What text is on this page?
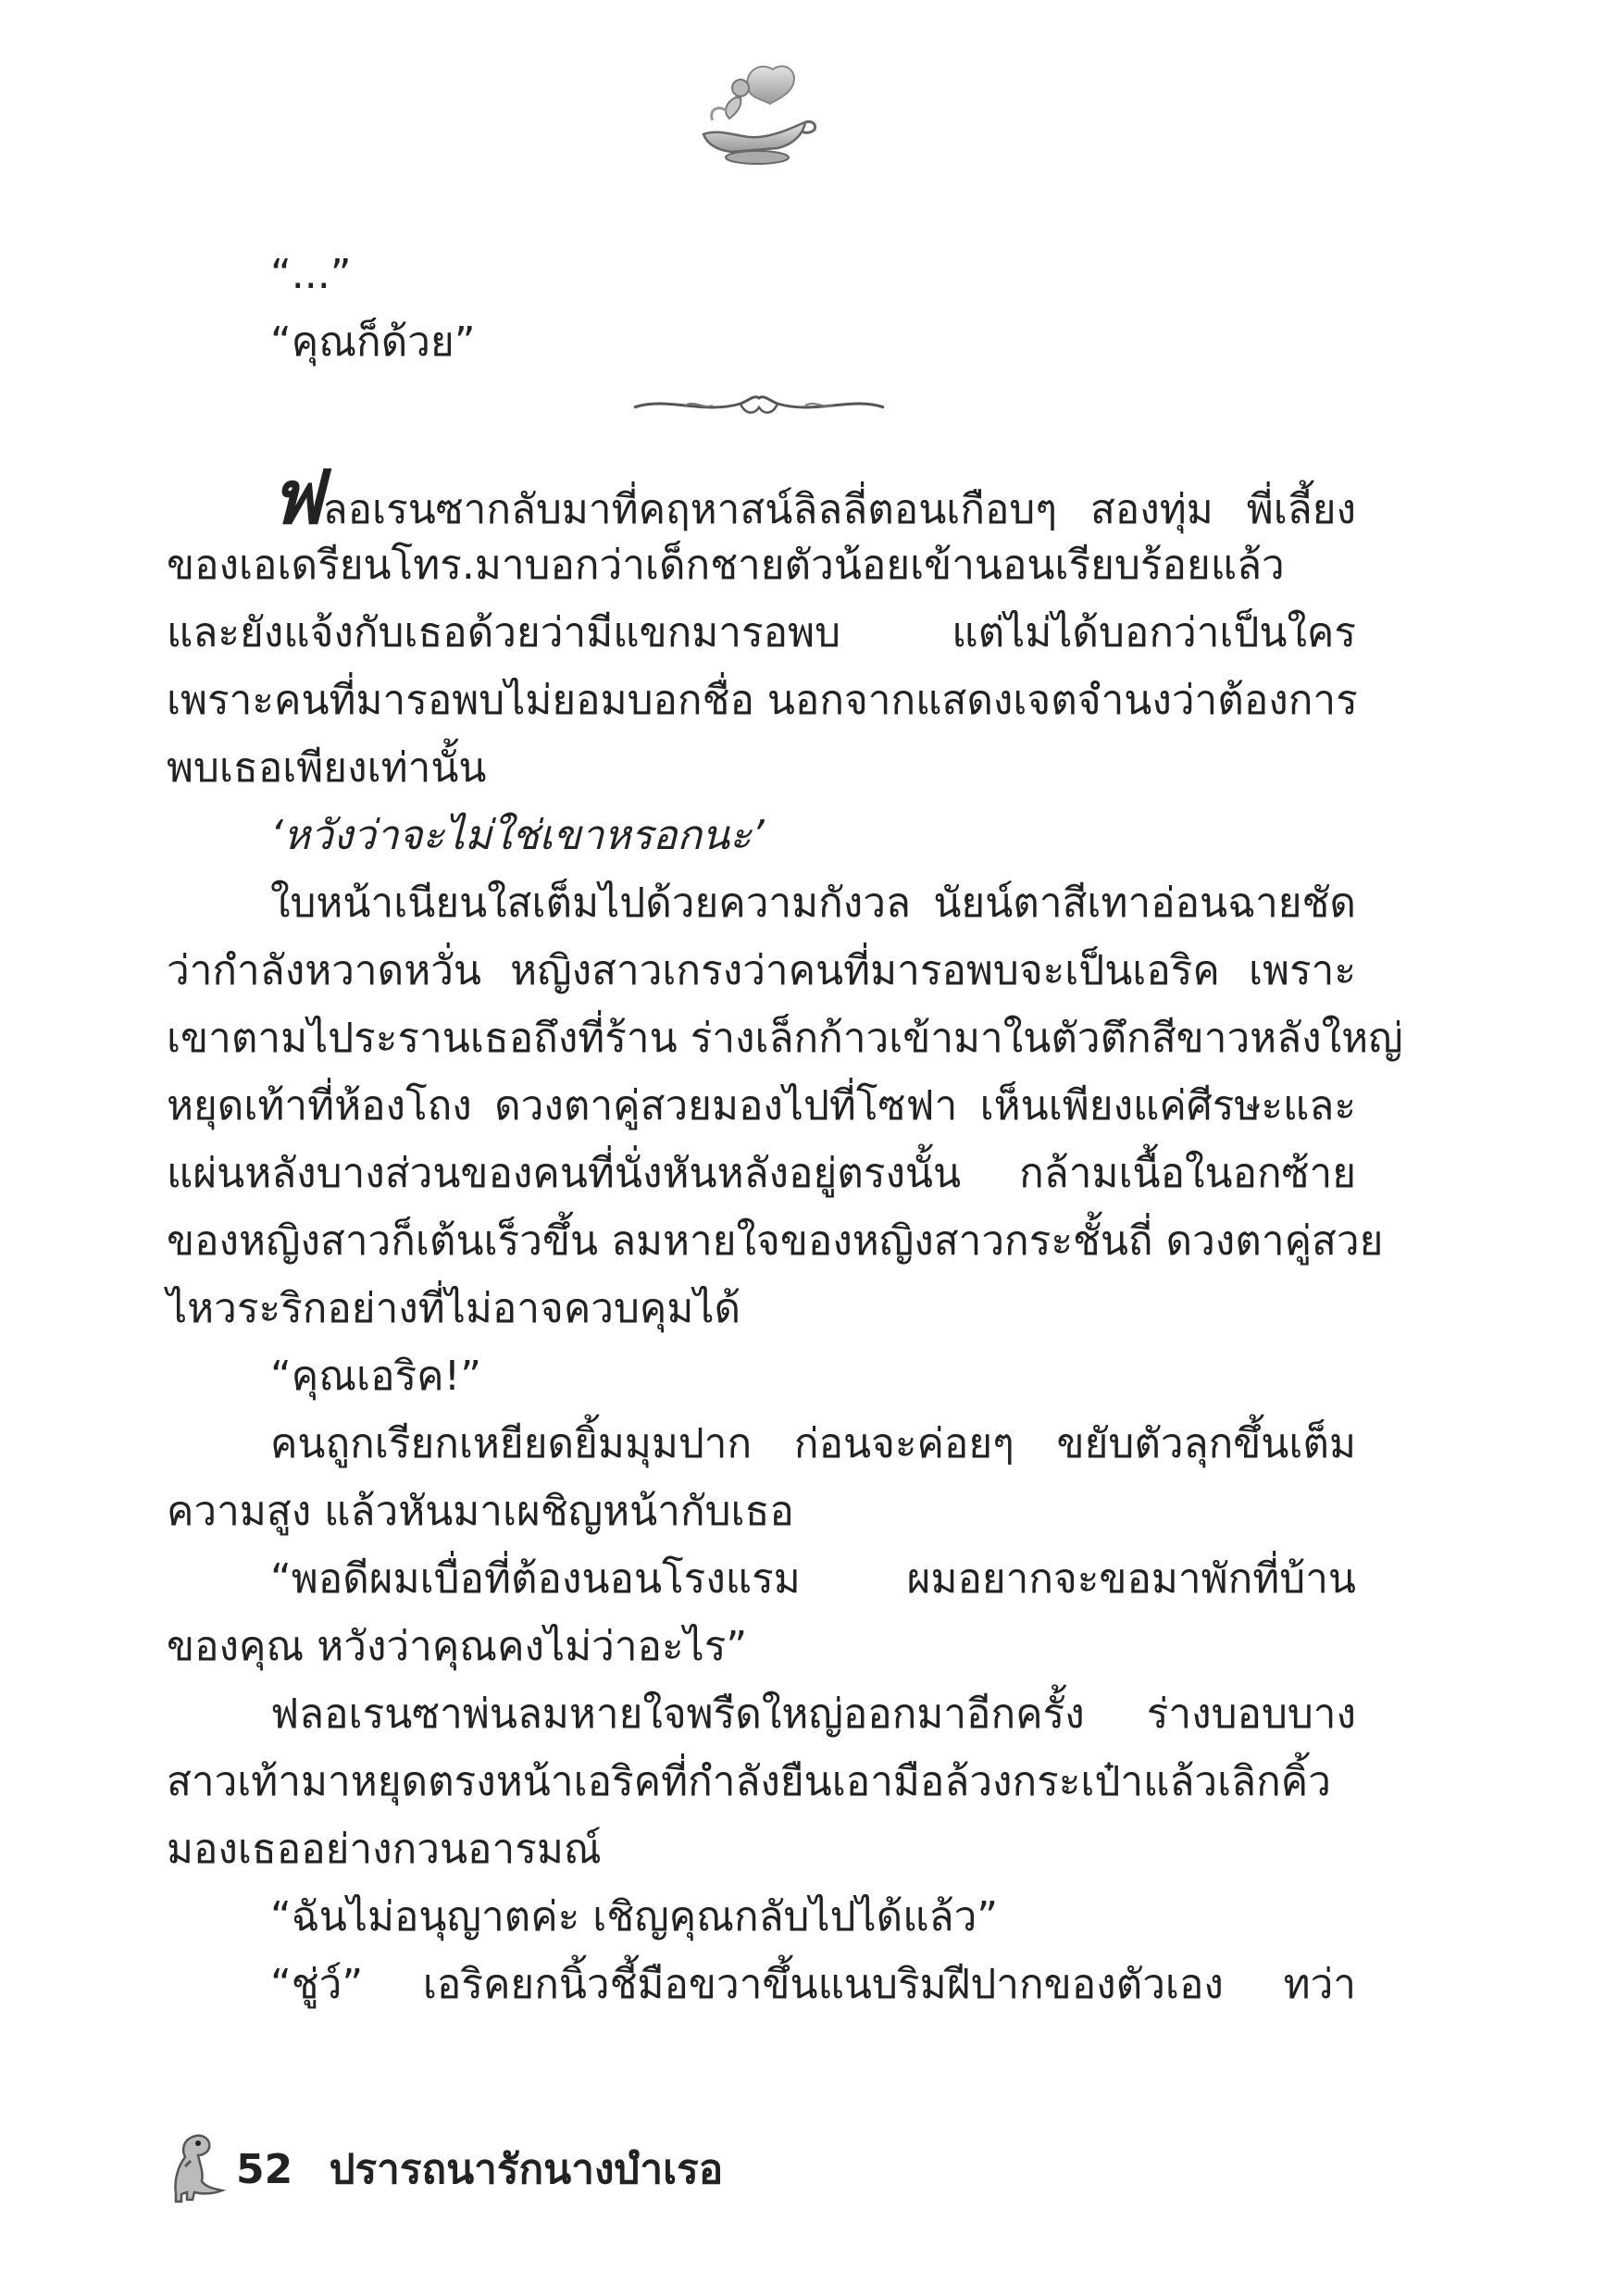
“...”
“คุณก็ด้วย”
ฟลอเรนซากลับมาที่คฤหาสน์ลิลลี่ตอนเกือบๆ สองทุ่ม พี่เลี้ยง
ของเอเดรียนโทร.มาบอกว่าเด็กชายตัวน้อยเข้านอนเรียบร้อยแล้ว
และยังแจ้งกับเธอด้วยว่ามีแขกมารอพบ แต่ไม่ได้บอกว่าเป็นใคร
เพราะคนที่มารอพบไม่ยอมบอกชื่อ นอกจากแสดงเจตจำนงว่าต้องการ
พบเธอเพียงเท่านั้น
‘หวังว่าจะไม่ใช่เขาหรอกนะ’
ใบหน้าเนียนใสเต็มไปด้วยความกังวล นัยน์ตาสีเทาอ่อนฉายชัด
ว่ากำลังหวาดหวั่น หญิงสาวเกรงว่าคนที่มารอพบจะเป็นเอริค เพราะ
เขาตามไประรานเธอถึงที่ร้าน ร่างเล็กก้าวเข้ามาในตัวตึกสีขาวหลังใหญ่
หยุดเท้าที่ห้องโถง ดวงตาคู่สวยมองไปที่โซฟา เห็นเพียงแค่ศีรษะและ
แผ่นหลังบางส่วนของคนที่นั่งหันหลังอยู่ตรงนั้น กล้ามเนื้อในอกซ้าย
ของหญิงสาวก็เต้นเร็วขึ้น ลมหายใจของหญิงสาวกระชั้นถี่ ดวงตาคู่สวย
ไหวระริกอย่างที่ไม่อาจควบคุมได้
“คุณเอริค!”
คนถูกเรียกเหยียดยิ้มมุมปาก ก่อนจะค่อยๆ ขยับตัวลุกขึ้นเต็ม
ความสูง แล้วหันมาเผชิญหน้ากับเธอ
“พอดีผมเบื่อที่ต้องนอนโรงแรม ผมอยากจะขอมาพักที่บ้าน
ของคุณ หวังว่าคุณคงไม่ว่าอะไร”
ฟลอเรนซาพ่นลมหายใจพรืดใหญ่ออกมาอีกครั้ง ร่างบอบบาง
สาวเท้ามาหยุดตรงหน้าเอริคที่กำลังยืนเอามือล้วงกระเป๋าแล้วเลิกคิ้ว
มองเธออย่างกวนอารมณ์
“ฉันไม่อนุญาตค่ะ เชิญคุณกลับไปได้แล้ว”
“ชู่ว์” เอริคยกนิ้วชี้มือขวาขึ้นแนบริมฝีปากของตัวเอง ทว่า
52 ปรารถนารักนางบำเรอ
